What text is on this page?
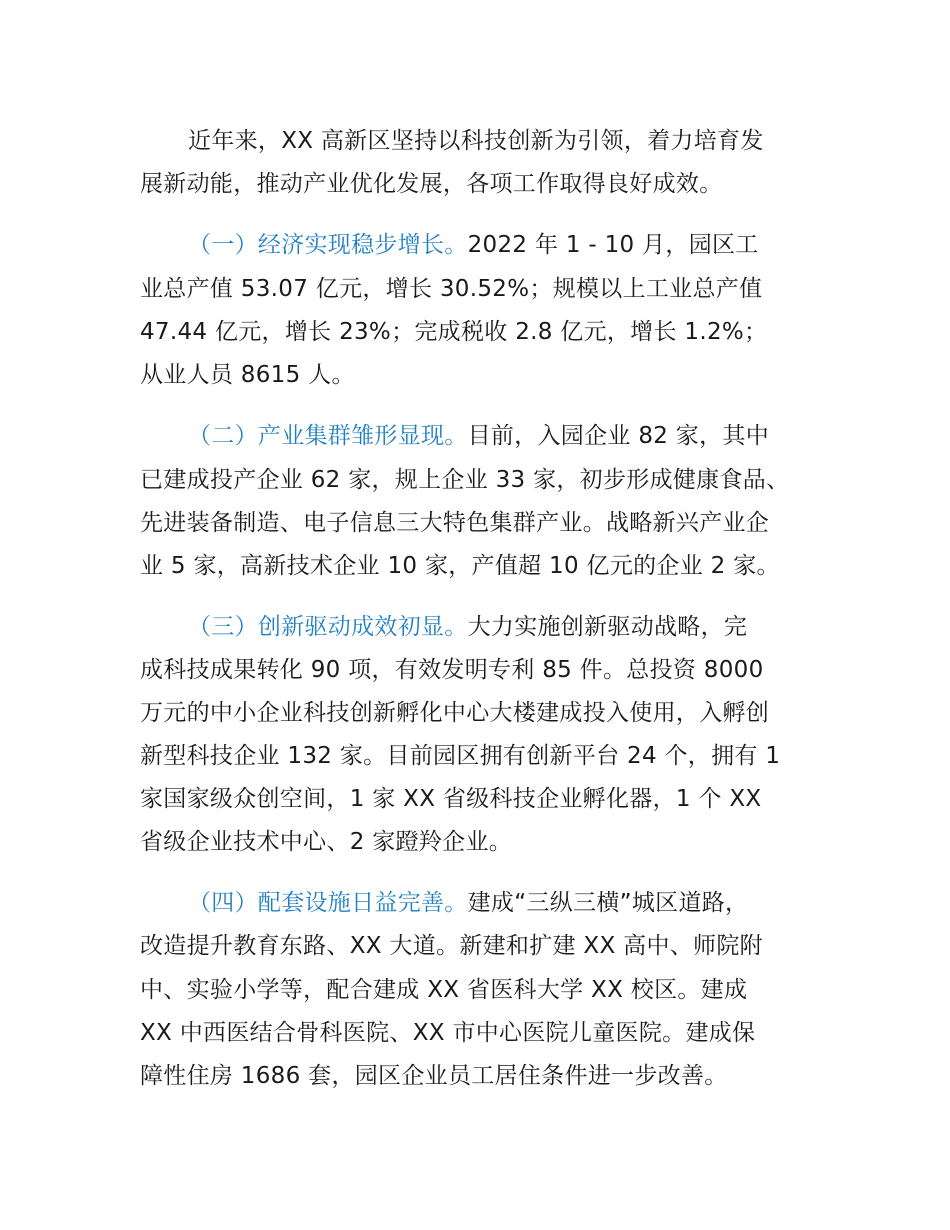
近年来，XX 高新区坚持以科技创新为引领，着力培育发
展新动能，推动产业优化发展，各项工作取得良好成效。
（一）经济实现稳步增长。2022 年 1 - 10 月，园区工
业总产值 53.07 亿元，增长 30.52%；规模以上工业总产值
47.44 亿元，增长 23%；完成税收 2.8 亿元，增长 1.2%；
从业人员 8615 人。
（二）产业集群雏形显现。目前，入园企业 82 家，其中
已建成投产企业 62 家，规上企业 33 家，初步形成健康食品、
先进装备制造、电子信息三大特色集群产业。战略新兴产业企
业 5 家，高新技术企业 10 家，产值超 10 亿元的企业 2 家。
（三）创新驱动成效初显。大力实施创新驱动战略，完
成科技成果转化 90 项，有效发明专利 85 件。总投资 8000
万元的中小企业科技创新孵化中心大楼建成投入使用，入孵创
新型科技企业 132 家。目前园区拥有创新平台 24 个，拥有 1
家国家级众创空间，1 家 XX 省级科技企业孵化器，1 个 XX
省级企业技术中心、2 家蹬羚企业。
（四）配套设施日益完善。建成“三纵三横”城区道路，
改造提升教育东路、XX 大道。新建和扩建 XX 高中、师院附
中、实验小学等，配合建成 XX 省医科大学 XX 校区。建成
XX 中西医结合骨科医院、XX 市中心医院儿童医院。建成保
障性住房 1686 套，园区企业员工居住条件进一步改善。
